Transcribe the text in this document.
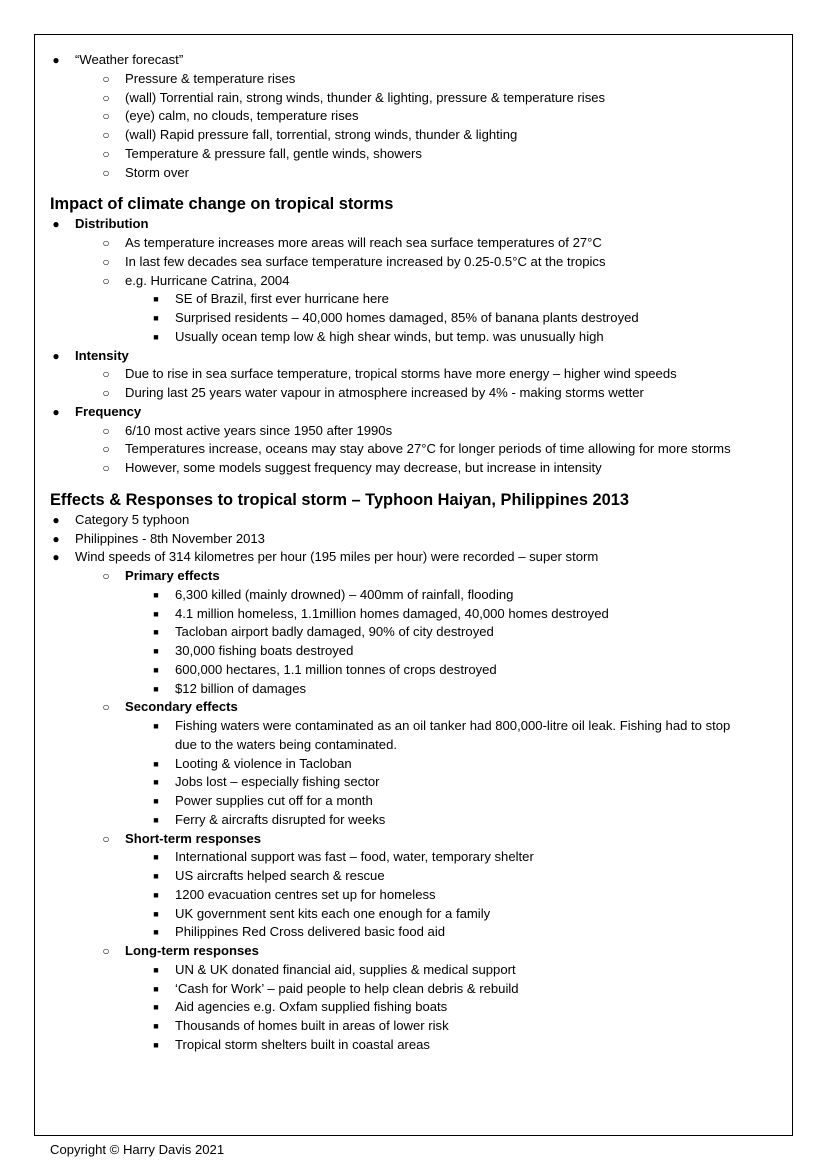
● “Weather forecast”
○ Pressure & temperature rises
○ (wall) Torrential rain, strong winds, thunder & lighting, pressure & temperature rises
○ (eye) calm, no clouds, temperature rises
○ (wall) Rapid pressure fall, torrential, strong winds, thunder & lighting
○ Temperature & pressure fall, gentle winds, showers
○ Storm over
Impact of climate change on tropical storms
● Distribution
○ As temperature increases more areas will reach sea surface temperatures of 27°C
○ In last few decades sea surface temperature increased by 0.25-0.5°C at the tropics
○ e.g. Hurricane Catrina, 2004
■ SE of Brazil, first ever hurricane here
■ Surprised residents – 40,000 homes damaged, 85% of banana plants destroyed
■ Usually ocean temp low & high shear winds, but temp. was unusually high
● Intensity
○ Due to rise in sea surface temperature, tropical storms have more energy – higher wind speeds
○ During last 25 years water vapour in atmosphere increased by 4% - making storms wetter
● Frequency
○ 6/10 most active years since 1950 after 1990s
○ Temperatures increase, oceans may stay above 27°C for longer periods of time allowing for more storms
○ However, some models suggest frequency may decrease, but increase in intensity
Effects & Responses to tropical storm – Typhoon Haiyan, Philippines 2013
● Category 5 typhoon
● Philippines - 8th November 2013
● Wind speeds of 314 kilometres per hour (195 miles per hour) were recorded – super storm
○ Primary effects
■ 6,300 killed (mainly drowned) – 400mm of rainfall, flooding
■ 4.1 million homeless, 1.1million homes damaged, 40,000 homes destroyed
■ Tacloban airport badly damaged, 90% of city destroyed
■ 30,000 fishing boats destroyed
■ 600,000 hectares, 1.1 million tonnes of crops destroyed
■ $12 billion of damages
○ Secondary effects
■ Fishing waters were contaminated as an oil tanker had 800,000-litre oil leak. Fishing had to stop
due to the waters being contaminated.
■ Looting & violence in Tacloban
■ Jobs lost – especially fishing sector
■ Power supplies cut off for a month
■ Ferry & aircrafts disrupted for weeks
○ Short-term responses
■ International support was fast – food, water, temporary shelter
■ US aircrafts helped search & rescue
■ 1200 evacuation centres set up for homeless
■ UK government sent kits each one enough for a family
■ Philippines Red Cross delivered basic food aid
○ Long-term responses
■ UN & UK donated financial aid, supplies & medical support
■ ‘Cash for Work’ – paid people to help clean debris & rebuild
■ Aid agencies e.g. Oxfam supplied fishing boats
■ Thousands of homes built in areas of lower risk
■ Tropical storm shelters built in coastal areas
Copyright © Harry Davis 2021
